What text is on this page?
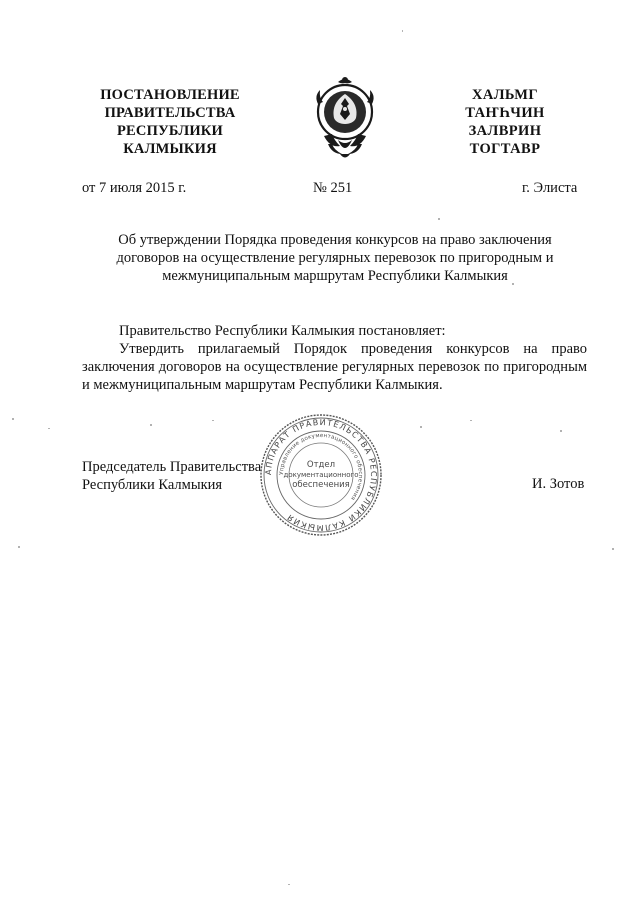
ПОСТАНОВЛЕНИЕ
ПРАВИТЕЛЬСТВА
РЕСПУБЛИКИ
КАЛМЫКИЯ
ХАЛЬМГ
ТАҤҺЧИН
ЗАЛВРИН
ТОГТАВР
от 7 июля 2015 г.	№ 251	г. Элиста
Об утверждении Порядка проведения конкурсов на право заключения
договоров на осуществление регулярных перевозок по пригородным и
межмуниципальным маршрутам Республики Калмыкия
Правительство Республики Калмыкия постановляет:
Утвердить прилагаемый Порядок проведения конкурсов на право заключения договоров на осуществление регулярных перевозок по пригородным и межмуниципальным маршрутам Республики Калмыкия.
Председатель Правительства
Республики Калмыкия	И. Зотов
АППАРАТ ПРАВИТЕЛЬСТВА РЕСПУБЛИКИ КАЛМЫКИЯ
Управление документационного обеспечения
Отдел
документационного
обеспечения
